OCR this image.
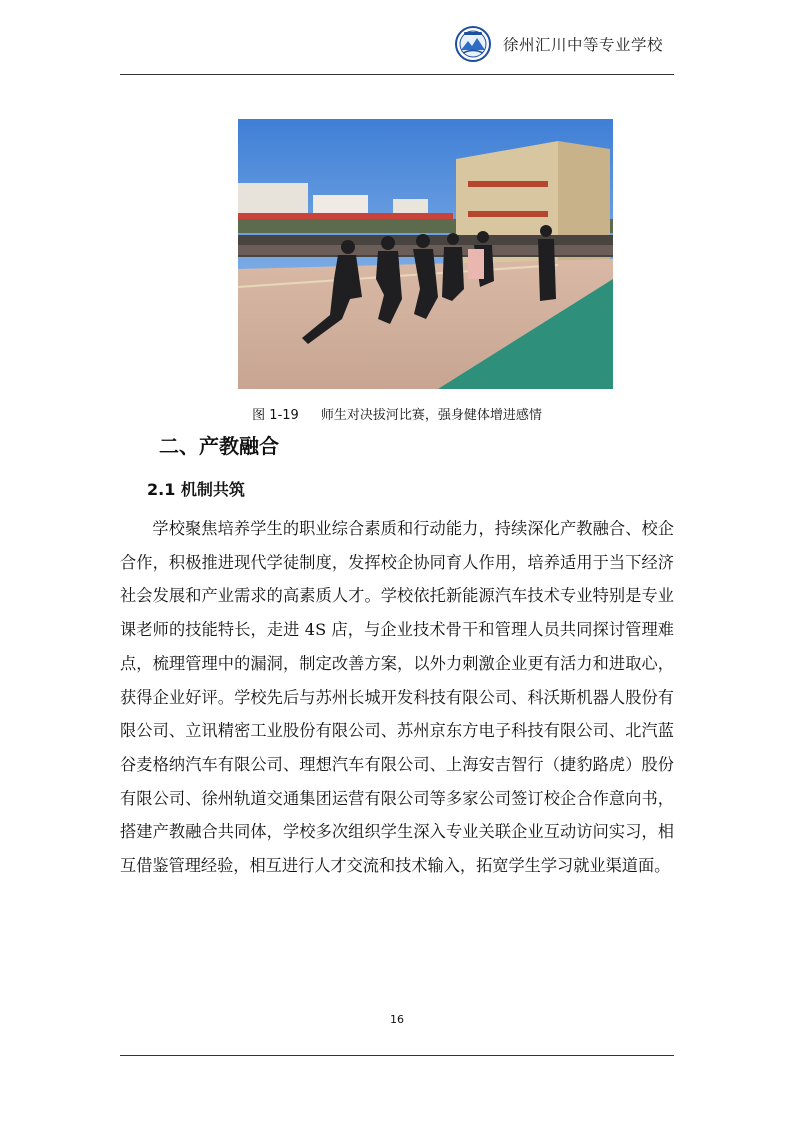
徐州汇川中等专业学校
图 1-19 师生对决拔河比赛，强身健体增进感情
二、产教融合
2.1 机制共筑

学校聚焦培养学生的职业综合素质和行动能力，持续深化产教融合、校企合作，积极推进现代学徒制度，发挥校企协同育人作用，培养适用于当下经济社会发展和产业需求的高素质人才。学校依托新能源汽车技术专业特别是专业课老师的技能特长，走进 4S 店，与企业技术骨干和管理人员共同探讨管理难点，梳理管理中的漏洞，制定改善方案，以外力刺激企业更有活力和进取心，获得企业好评。学校先后与苏州长城开发科技有限公司、科沃斯机器人股份有限公司、立讯精密工业股份有限公司、苏州京东方电子科技有限公司、北汽蓝谷麦格纳汽车有限公司、理想汽车有限公司、上海安吉智行（捷豹路虎）股份有限公司、徐州轨道交通集团运营有限公司等多家公司签订校企合作意向书，搭建产教融合共同体，学校多次组织学生深入专业关联企业互动访问实习，相互借鉴管理经验，相互进行人才交流和技术输入，拓宽学生学习就业渠道面。

16
